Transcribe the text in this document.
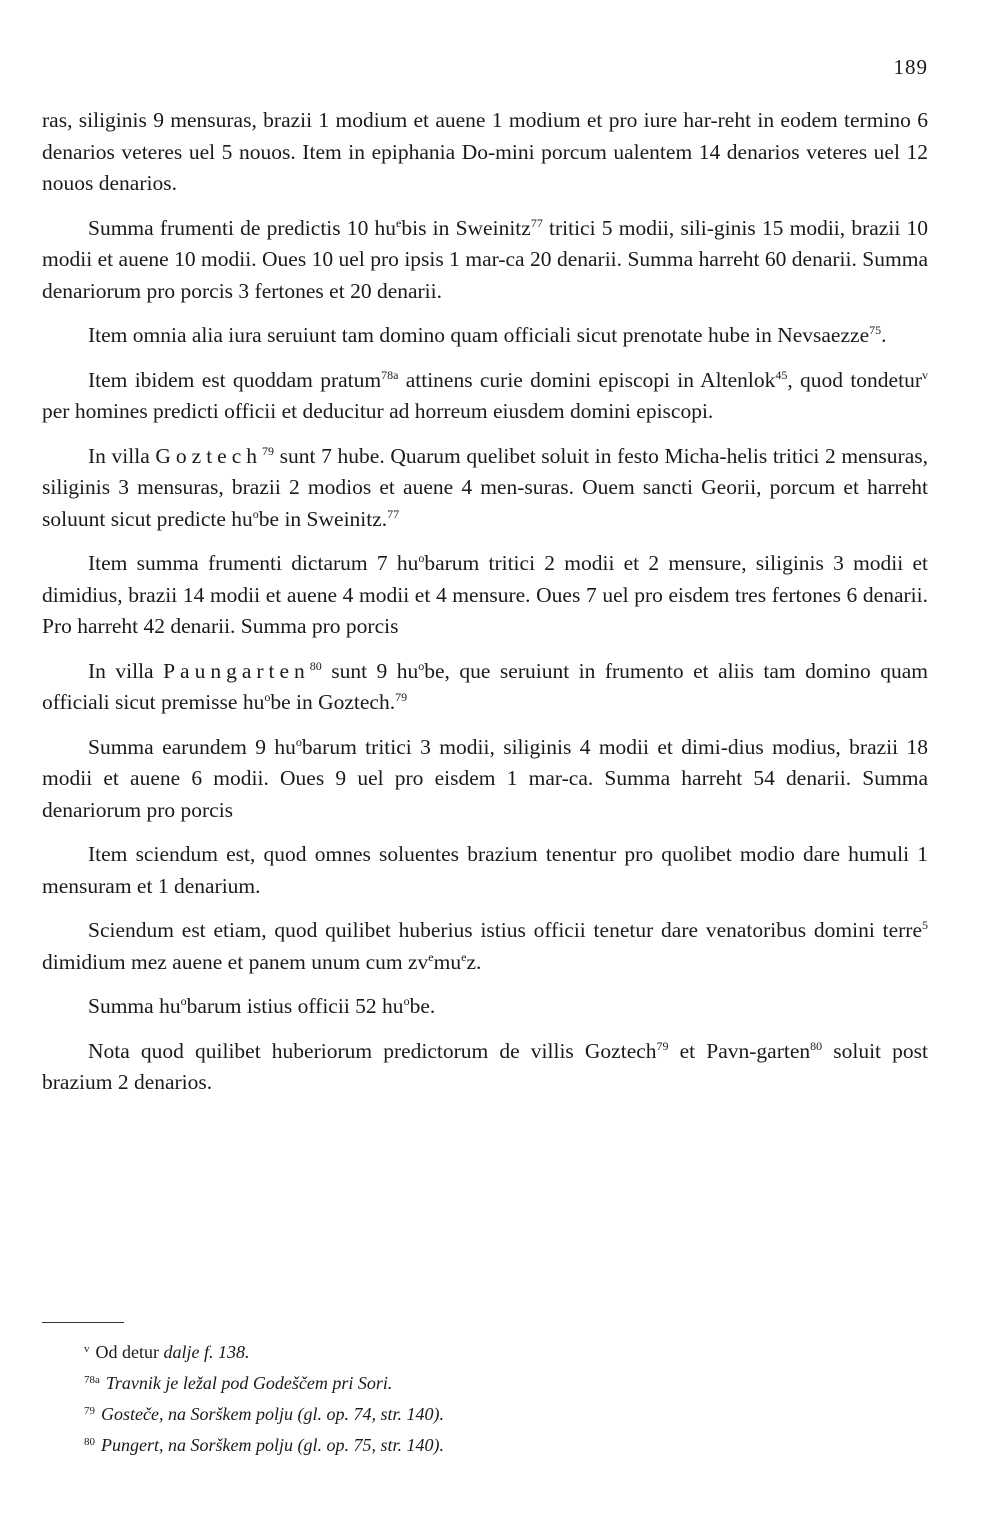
189

ras, siliginis 9 mensuras, brazii 1 modium et auene 1 modium et pro iure har-reht in eodem termino 6 denarios veteres uel 5 nouos. Item in epiphania Do-mini porcum ualentem 14 denarios veteres uel 12 nouos denarios.

Summa frumenti de predictis 10 $hu^ebis$ in Sweinitz$^{77}$ tritici 5 modii, sili-ginis 15 modii, brazii 10 modii et auene 10 modii. Oues 10 uel pro ipsis 1 mar-ca 20 denarii. Summa harreht 60 denarii. Summa denariorum pro porcis 3 fertones et 20 denarii.

Item omnia alia iura seruiunt tam domino quam officiali sicut prenotate hube in Nevsaezze$^{75}$.

Item ibidem est quoddam pratum$^{78a}$ attinens curie domini episcopi in Altenlok$^{45}$, quod tondetur$^v$ per homines predicti officii et deducitur ad horreum eiusdem domini episcopi.

In villa Goztech$^{79}$ sunt 7 hube. Quarum quelibet soluit in festo Micha-helis tritici 2 mensuras, siliginis 3 mensuras, brazii 2 modios et auene 4 men-suras. Ouem sancti Georii, porcum et harreht soluunt sicut predicte $hu^obe$ in Sweinitz.$^{77}$

Item summa frumenti dictarum 7 $hu^obarum$ tritici 2 modii et 2 mensure, siliginis 3 modii et dimidius, brazii 14 modii et auene 4 modii et 4 mensure. Oues 7 uel pro eisdem tres fertones 6 denarii. Pro harreht 42 denarii. Summa pro porcis

In villa Paungarten$^{80}$ sunt 9 $hu^obe$, que seruiunt in frumento et aliis tam domino quam officiali sicut premisse $hu^obe$ in Goztech.$^{79}$

Summa earundem 9 $hu^obarum$ tritici 3 modii, siliginis 4 modii et dimi-dius modius, brazii 18 modii et auene 6 modii. Oues 9 uel pro eisdem 1 mar-ca. Summa harreht 54 denarii. Summa denariorum pro porcis

Item sciendum est, quod omnes soluentes brazium tenentur pro quolibet modio dare humuli 1 mensuram et 1 denarium.

Sciendum est etiam, quod quilibet huberius istius officii tenetur dare venatoribus domini terre$^5$ dimidium mez auene et panem unum cum $zv^emu^ez$.

Summa $hu^obarum$ istius officii 52 $hu^obe$.

Nota quod quilibet huberiorum predictorum de villis Goztech$^{79}$ et Pavn-garten$^{80}$ soluit post brazium 2 denarios.

$^v$ Od detur dalje f. 138.
$^{78a}$ Travnik je ležal pod Godeščem pri Sori.
$^{79}$ Gosteče, na Sorškem polju (gl. op. 74, str. 140).
$^{80}$ Pungert, na Sorškem polju (gl. op. 75, str. 140).
